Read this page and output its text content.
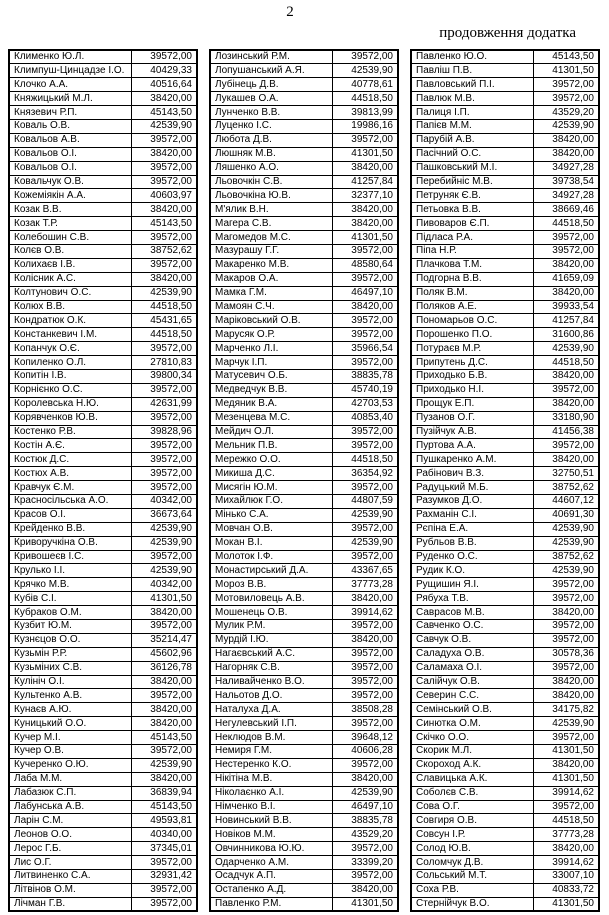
2
продовження додатка
Клименко Ю.Л.	39572,00
Климпуш-Цинцадзе І.О.	40429,33
Клочко А.А.	40516,64
Княжицький М.Л.	38420,00
Князевич Р.П.	45143,50
Коваль О.В.	42539,90
Ковальов А.В.	39572,00
Ковальов О.І.	38420,00
Ковальов О.І.	39572,00
Ковальчук О.В.	39572,00
Кожеміякін А.А.	40603,97
Козак В.В.	38420,00
Козак Т.Р.	45143,50
Колебошин С.В.	39572,00
Колєв О.В.	38752,62
Колихаєв І.В.	39572,00
Колісник А.С.	38420,00
Колтунович О.С.	42539,90
Колюх В.В.	44518,50
Кондратюк О.К.	45431,65
Констанкевич І.М.	44518,50
Копанчук О.Є.	39572,00
Копиленко О.Л.	27810,83
Копитін І.В.	39800,34
Корнієнко О.С.	39572,00
Королевська Н.Ю.	42631,99
Корявченков Ю.В.	39572,00
Костенко Р.В.	39828,96
Костін А.Є.	39572,00
Костюк Д.С.	39572,00
Костюх А.В.	39572,00
Кравчук Є.М.	39572,00
Красносільська А.О.	40342,00
Красов О.І.	36673,64
Крейденко В.В.	42539,90
Криворучкіна О.В.	42539,90
Кривошеєв І.С.	39572,00
Крулько І.І.	42539,90
Крячко М.В.	40342,00
Кубів С.І.	41301,50
Кубраков О.М.	38420,00
Кузбит Ю.М.	39572,00
Кузнєцов О.О.	35214,47
Кузьмін Р.Р.	45602,96
Кузьміних С.В.	36126,78
Кулініч О.І.	38420,00
Культенко А.В.	39572,00
Кунаєв А.Ю.	38420,00
Куницький О.О.	38420,00
Кучер М.І.	45143,50
Кучер О.В.	39572,00
Кучеренко О.Ю.	42539,90
Лаба М.М.	38420,00
Лабазюк С.П.	36839,94
Лабунська А.В.	45143,50
Ларін С.М.	49593,81
Леонов О.О.	40340,00
Лерос Г.Б.	37345,01
Лис О.Г.	39572,00
Литвиненко С.А.	32931,42
Літвінов О.М.	39572,00
Лічман Г.В.	39572,00
Лозинський Р.М.	39572,00
Лопушанський А.Я.	42539,90
Лубінець Д.В.	40778,61
Лукашев О.А.	44518,50
Лунченко В.В.	39813,99
Луценко І.С.	19986,16
Любота Д.В.	39572,00
Люшняк М.В.	41301,50
Ляшенко А.О.	38420,00
Льовочкін С.В.	41257,84
Льовочкіна Ю.В.	32377,10
М'ялик В.Н.	38420,00
Магера С.В.	38420,00
Магомедов М.С.	41301,50
Мазурашу Г.Г.	39572,00
Макаренко М.В.	48580,64
Макаров О.А.	39572,00
Мамка Г.М.	46497,10
Мамоян С.Ч.	38420,00
Маріковський О.В.	39572,00
Марусяк О.Р.	39572,00
Марченко Л.І.	35966,54
Марчук І.П.	39572,00
Матусевич О.Б.	38835,78
Медведчук В.В.	45740,19
Медяник В.А.	42703,53
Мезенцева М.С.	40853,40
Мейдич О.Л.	39572,00
Мельник П.В.	39572,00
Мережко О.О.	44518,50
Микиша Д.С.	36354,92
Мисягін Ю.М.	39572,00
Михайлюк Г.О.	44807,59
Мінько С.А.	42539,90
Мовчан О.В.	39572,00
Мокан В.І.	42539,90
Молоток І.Ф.	39572,00
Монастирський Д.А.	43367,65
Мороз В.В.	37773,28
Мотовиловець А.В.	38420,00
Мошенець О.В.	39914,62
Мулик Р.М.	39572,00
Мурдій І.Ю.	38420,00
Нагаєвський А.С.	39572,00
Нагорняк С.В.	39572,00
Наливайченко В.О.	39572,00
Нальотов Д.О.	39572,00
Наталуха Д.А.	38508,28
Негулевський І.П.	39572,00
Неклюдов В.М.	39648,12
Немиря Г.М.	40606,28
Нестеренко К.О.	39572,00
Нікітіна М.В.	38420,00
Ніколаєнко А.І.	42539,90
Німченко В.І.	46497,10
Новинський В.В.	38835,78
Новіков М.М.	43529,20
Овчинникова Ю.Ю.	39572,00
Одарченко А.М.	33399,20
Осадчук А.П.	39572,00
Остапенко А.Д.	38420,00
Павленко Р.М.	41301,50
Павленко Ю.О.	45143,50
Павліш П.В.	41301,50
Павловський П.І.	39572,00
Павлюк М.В.	39572,00
Палиця І.П.	43529,20
Папієв М.М.	42539,90
Парубій А.В.	38420,00
Пасічний О.С.	38420,00
Пашковський М.І.	34927,28
Перебийніс М.В.	39738,54
Петруняк Є.В.	34927,28
Петьовка В.В.	38669,46
Пивоваров Є.П.	44518,50
Підласа Р.А.	39572,00
Піпа Н.Р.	39572,00
Плачкова Т.М.	38420,00
Подгорна В.В.	41659,09
Поляк В.М.	38420,00
Поляков А.Е.	39933,54
Пономарьов О.С.	41257,84
Порошенко П.О.	31600,86
Потураєв М.Р.	42539,90
Припутень Д.С.	44518,50
Приходько Б.В.	38420,00
Приходько Н.І.	39572,00
Прощук Е.П.	38420,00
Пузанов О.Г.	33180,90
Пузійчук А.В.	41456,38
Пуртова А.А.	39572,00
Пушкаренко А.М.	38420,00
Рабінович В.З.	32750,51
Радуцький М.Б.	38752,62
Разумков Д.О.	44607,12
Рахманін С.І.	40691,30
Рєпіна Е.А.	42539,90
Рубльов В.В.	42539,90
Руденко О.С.	38752,62
Рудик К.О.	42539,90
Рущишин Я.І.	39572,00
Рябуха Т.В.	39572,00
Саврасов М.В.	38420,00
Савченко О.С.	39572,00
Савчук О.В.	39572,00
Саладуха О.В.	30578,36
Саламаха О.І.	39572,00
Салійчук О.В.	38420,00
Северин С.С.	38420,00
Семінський О.В.	34175,82
Синютка О.М.	42539,90
Скічко О.О.	39572,00
Скорик М.Л.	41301,50
Скороход А.К.	38420,00
Славицька А.К.	41301,50
Соболєв С.В.	39914,62
Сова О.Г.	39572,00
Совгиря О.В.	44518,50
Совсун І.Р.	37773,28
Солод Ю.В.	38420,00
Соломчук Д.В.	39914,62
Сольський М.Т.	33007,10
Соха Р.В.	40833,72
Стернійчук В.О.	41301,50
